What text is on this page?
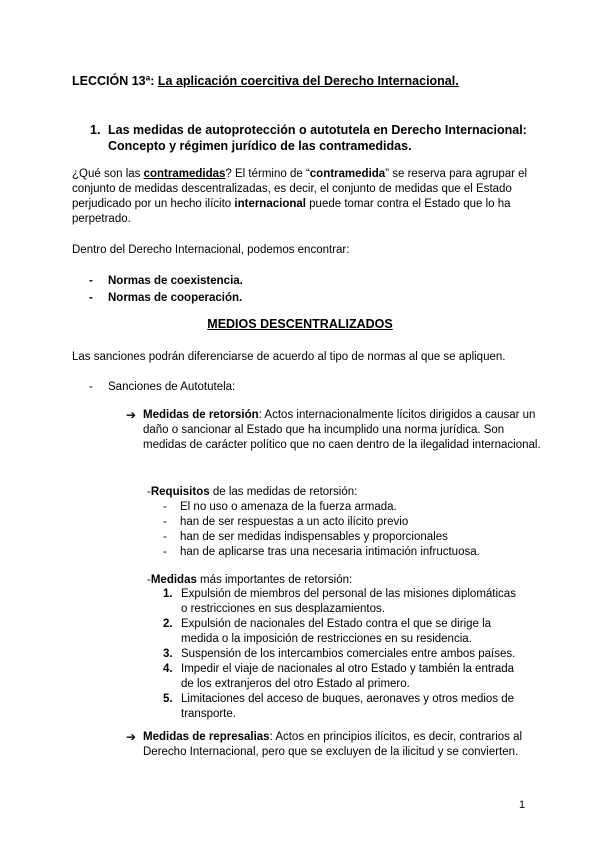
LECCIÓN 13ª: La aplicación coercitiva del Derecho Internacional.
1. Las medidas de autoprotección o autotutela en Derecho Internacional: Concepto y régimen jurídico de las contramedidas.

¿Qué son las contramedidas? El término de “contramedida” se reserva para agrupar el conjunto de medidas descentralizadas, es decir, el conjunto de medidas que el Estado perjudicado por un hecho ilícito internacional puede tomar contra el Estado que lo ha perpetrado.

Dentro del Derecho Internacional, podemos encontrar:

- Normas de coexistencia.
- Normas de cooperación.
MEDIOS DESCENTRALIZADOS

Las sanciones podrán diferenciarse de acuerdo al tipo de normas al que se apliquen.

- Sanciones de Autotutela:
➔ Medidas de retorsión: Actos internacionalmente lícitos dirigidos a causar un daño o sancionar al Estado que ha incumplido una norma jurídica. Son medidas de carácter político que no caen dentro de la ilegalidad internacional.
-Requisitos de las medidas de retorsión:
- El no uso o amenaza de la fuerza armada.
- han de ser respuestas a un acto ilícito previo
- han de ser medidas indispensables y proporcionales
- han de aplicarse tras una necesaria intimación infructuosa.
-Medidas más importantes de retorsión:
1. Expulsión de miembros del personal de las misiones diplomáticas o restricciones en sus desplazamientos.
2. Expulsión de nacionales del Estado contra el que se dirige la medida o la imposición de restricciones en su residencia.
3. Suspensión de los intercambios comerciales entre ambos países.
4. Impedir el viaje de nacionales al otro Estado y también la entrada de los extranjeros del otro Estado al primero.
5. Limitaciones del acceso de buques, aeronaves y otros medios de transporte.
➔ Medidas de represalias: Actos en principios ilícitos, es decir, contrarios al Derecho Internacional, pero que se excluyen de la ilicitud y se convierten.
1
